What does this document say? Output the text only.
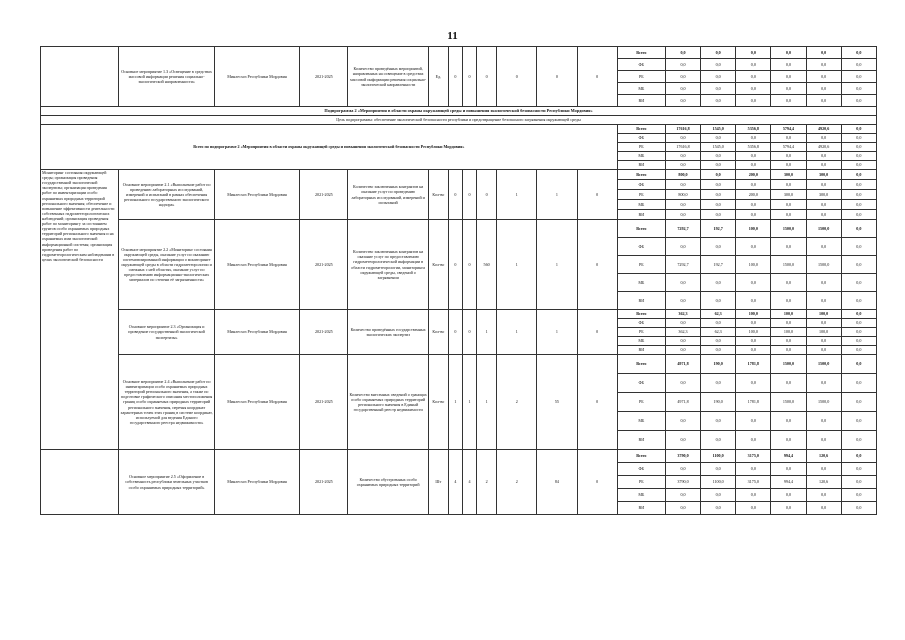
11
	Основное мероприятие 1.3 «Освещение в средствах массовой информации решения социально-экологической направленности»	Минлесхоз Республики Мордовия	2021-2025	Количество проведённых мероприятий, направленных на освещение в средствах массовой информации решения социально-экологической направленности	Ед.	0	0	0	0	0	0	Всего	0,0	0,0	0,0	0,0	0,0	0,0
												ФБ	0,0	0,0	0,0	0,0	0,0	0,0
												РБ	0,0	0,0	0,0	0,0	0,0	0,0
												МБ	0,0	0,0	0,0	0,0	0,0	0,0
												ВИ	0,0	0,0	0,0	0,0	0,0	0,0
Подпрограмма 2 «Мероприятия в области охраны окружающей среды и повышения экологической безопасности Республики Мордовия»																		
Цель подпрограммы: обеспечение экологической безопасности республики и предотвращение безопасного загрязнения окружающей среды																		
Всего по подпрограмме 2 «Мероприятия в области охраны окружающей среды и повышения экологической безопасности Республики Мордовия»												Всего	17616,8	1545,0	5356,8	5794,4	4920,6	0,0
												ФБ	0,0	0,0	0,0	0,0	0,0	0,0
												РБ	17616,8	1545,0	5356,8	5794,4	4920,6	0,0
												МБ	0,0	0,0	0,0	0,0	0,0	0,0
												ВИ	0,0	0,0	0,0	0,0	0,0	0,0
Мониторинг состояния окружающей среды; организация проведения государственной экологической экспертизы; организация проведения работ по инвентаризации особо охраняемых природных территорий регионального значения; обеспечение и повышение эффективности деятельности собственных гидрометеорологических наблюдений; организация проведения работ по мониторингу за состоянием грунтов особо охраняемых природных территорий регионального значения и на охраняемых ими экологической информационной системы; организация проведения работ по гидрометеорологическим наблюдениям в целях экологической безопасности	Основное мероприятие 2.1 «Выполнение работ по проведению лабораторных исследований, измерений и испытаний в рамках обеспечения регионального государственного экологического надзора»	Минлесхоз Республики Мордовия	2021-2025	Количество заключенных контрактов на оказание услуг по проведению лабораторных исследований, измерений и испытаний	Кол-во	0	0	0	1	1	0	Всего	800,0	0,0	200,0	300,0	300,0	0,0
												ФБ	0,0	0,0	0,0	0,0	0,0	0,0
												РБ	800,0	0,0	200,0	300,0	300,0	0,0
												МБ	0,0	0,0	0,0	0,0	0,0	0,0
												ВИ	0,0	0,0	0,0	0,0	0,0	0,0
	Основное мероприятие 2.2 «Мониторинг состояния окружающей среды, оказание услуг по оказанию систематизированной информации о мониторинге окружающей среды в области гидрометеорологии и смежных с ней областях, оказание услуг по предоставлению информационно-экологических материалов по степени её загрязненности»	Минлесхоз Республики Мордовия	2021-2025	Количество заключенных контрактов на оказание услуг по предоставлению гидрометеорологической информации в области гидрометеорологии, мониторинга окружающей среды, сведений о загрязнении	Кол-во	0	0	560	1	1	0	Всего	7292,7	192,7	100,0	1500,0	1500,0	0,0
												ФБ	0,0	0,0	0,0	0,0	0,0	0,0
												РБ	7292,7	192,7	100,0	1500,0	1500,0	0,0
												МБ	0,0	0,0	0,0	0,0	0,0	0,0
												ВИ	0,0	0,0	0,0	0,0	0,0	0,0
	Основное мероприятие 2.3 «Организация и проведение государственной экологической экспертизы»	Минлесхоз Республики Мордовия	2021-2025	Количество проведённых государственных экологических экспертиз	Кол-во	0	0	1	1	1	0	Всего	362,3	62,3	100,0	100,0	100,0	0,0
												ФБ	0,0	0,0	0,0	0,0	0,0	0,0
												РБ	362,3	62,3	100,0	100,0	100,0	0,0
												МБ	0,0	0,0	0,0	0,0	0,0	0,0
												ВИ	0,0	0,0	0,0	0,0	0,0	0,0
	Основное мероприятие 2.4 «Выполнение работ по инвентаризации особо охраняемых природных территорий регионального значения, а также по подготовке графического описания местоположения границ особо охраняемых природных территорий регионального значения, перечня координат характерных точек этих границ в системе координат, используемой для ведения Единого государственного реестра недвижимости»	Минлесхоз Республики Мордовия	2021-2025	Количество внесенных сведений о границах особо охраняемых природных территорий регионального значения в Единый государственный реестр недвижимости	Кол-во	1	1	1	2	55	0	Всего	4971,8	190,0	1781,8	1500,0	1500,0	0,0
												ФБ	0,0	0,0	0,0	0,0	0,0	0,0
												РБ	4971,8	190,0	1781,8	1500,0	1500,0	0,0
												МБ	0,0	0,0	0,0	0,0	0,0	0,0
												ВИ	0,0	0,0	0,0	0,0	0,0	0,0
	Основное мероприятие 2.5 «Оформление в собственность республики земельных участков особо охраняемых природных территорий»	Минлесхоз Республики Мордовия	2021-2025	Количество обустроенных особо охраняемых природных территорий	Шт	4	4	2	2	84	0	Всего	3790,0	1100,0	3175,0	994,4	120,6	0,0
												ФБ	0,0	0,0	0,0	0,0	0,0	0,0
												РБ	3790,0	1100,0	3175,0	994,4	120,6	0,0
												МБ	0,0	0,0	0,0	0,0	0,0	0,0
												ВИ	0,0	0,0	0,0	0,0	0,0	0,0
